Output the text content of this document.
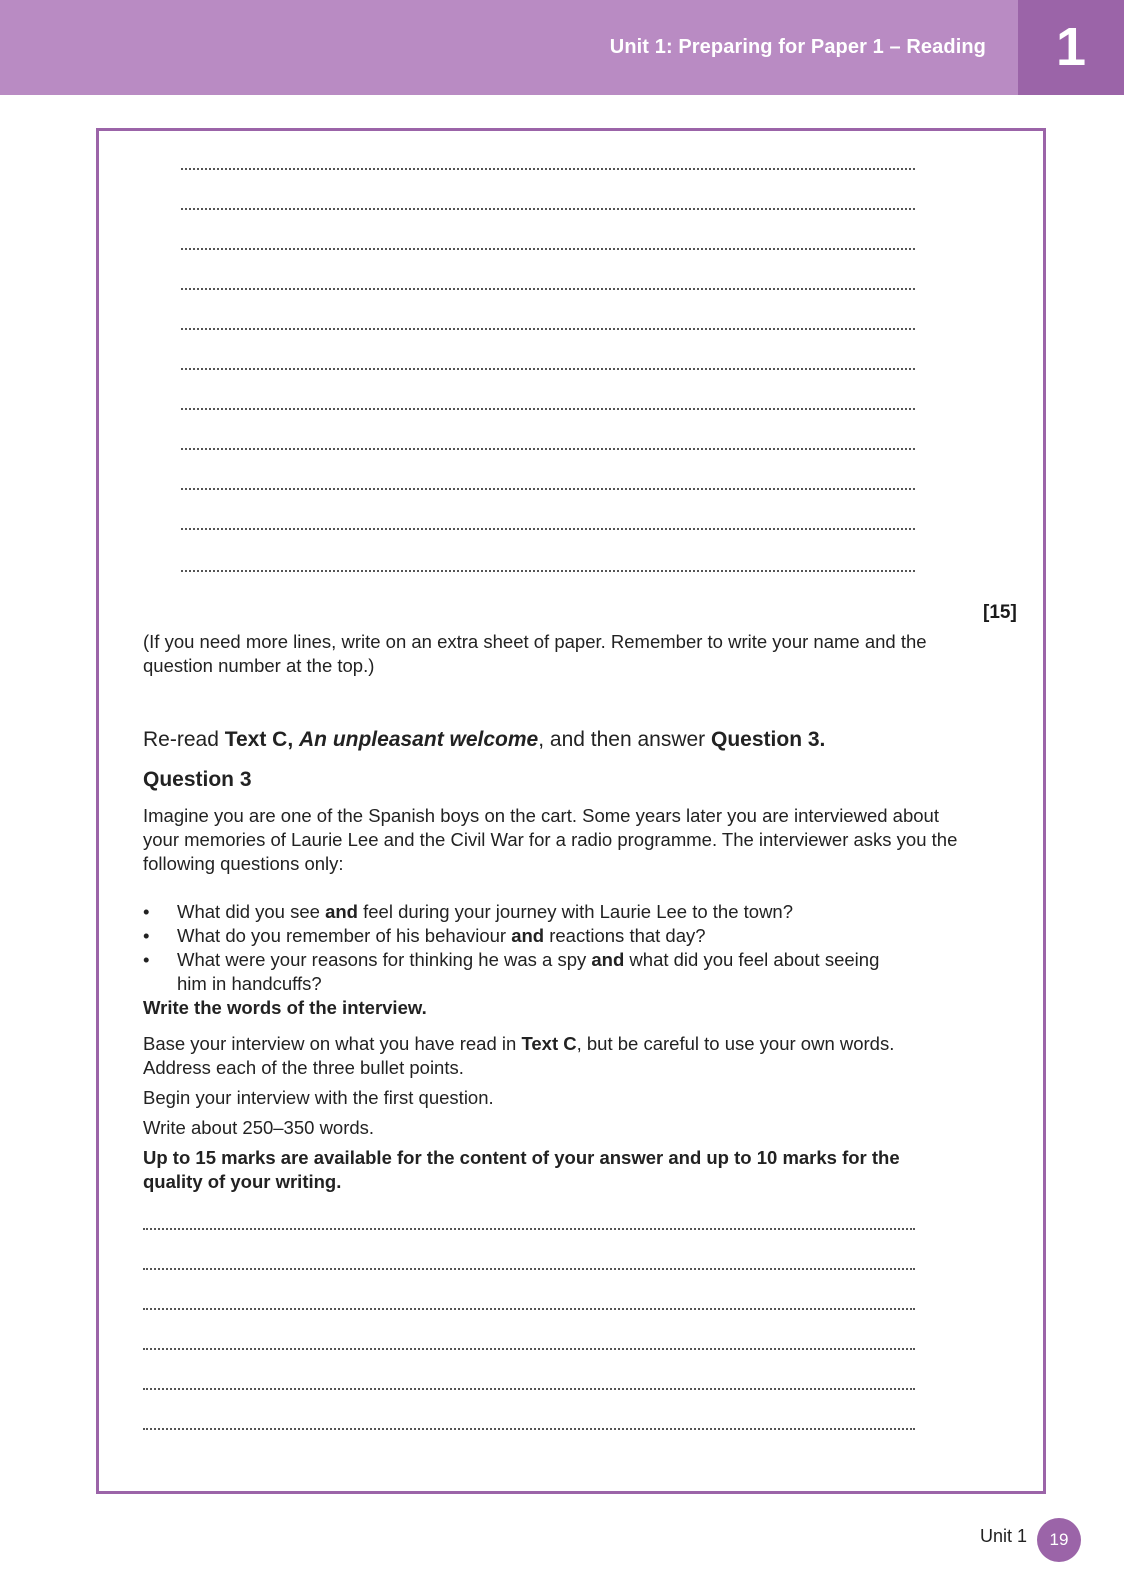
Unit 1: Preparing for Paper 1 – Reading	1
[15]
(If you need more lines, write on an extra sheet of paper. Remember to write your name and the question number at the top.)
Re-read Text C, An unpleasant welcome, and then answer Question 3.
Question 3
Imagine you are one of the Spanish boys on the cart. Some years later you are interviewed about your memories of Laurie Lee and the Civil War for a radio programme. The interviewer asks you the following questions only:
• What did you see and feel during your journey with Laurie Lee to the town?
• What do you remember of his behaviour and reactions that day?
• What were your reasons for thinking he was a spy and what did you feel about seeing him in handcuffs?
Write the words of the interview.
Base your interview on what you have read in Text C, but be careful to use your own words. Address each of the three bullet points.
Begin your interview with the first question.
Write about 250–350 words.
Up to 15 marks are available for the content of your answer and up to 10 marks for the quality of your writing.
Unit 1	19
